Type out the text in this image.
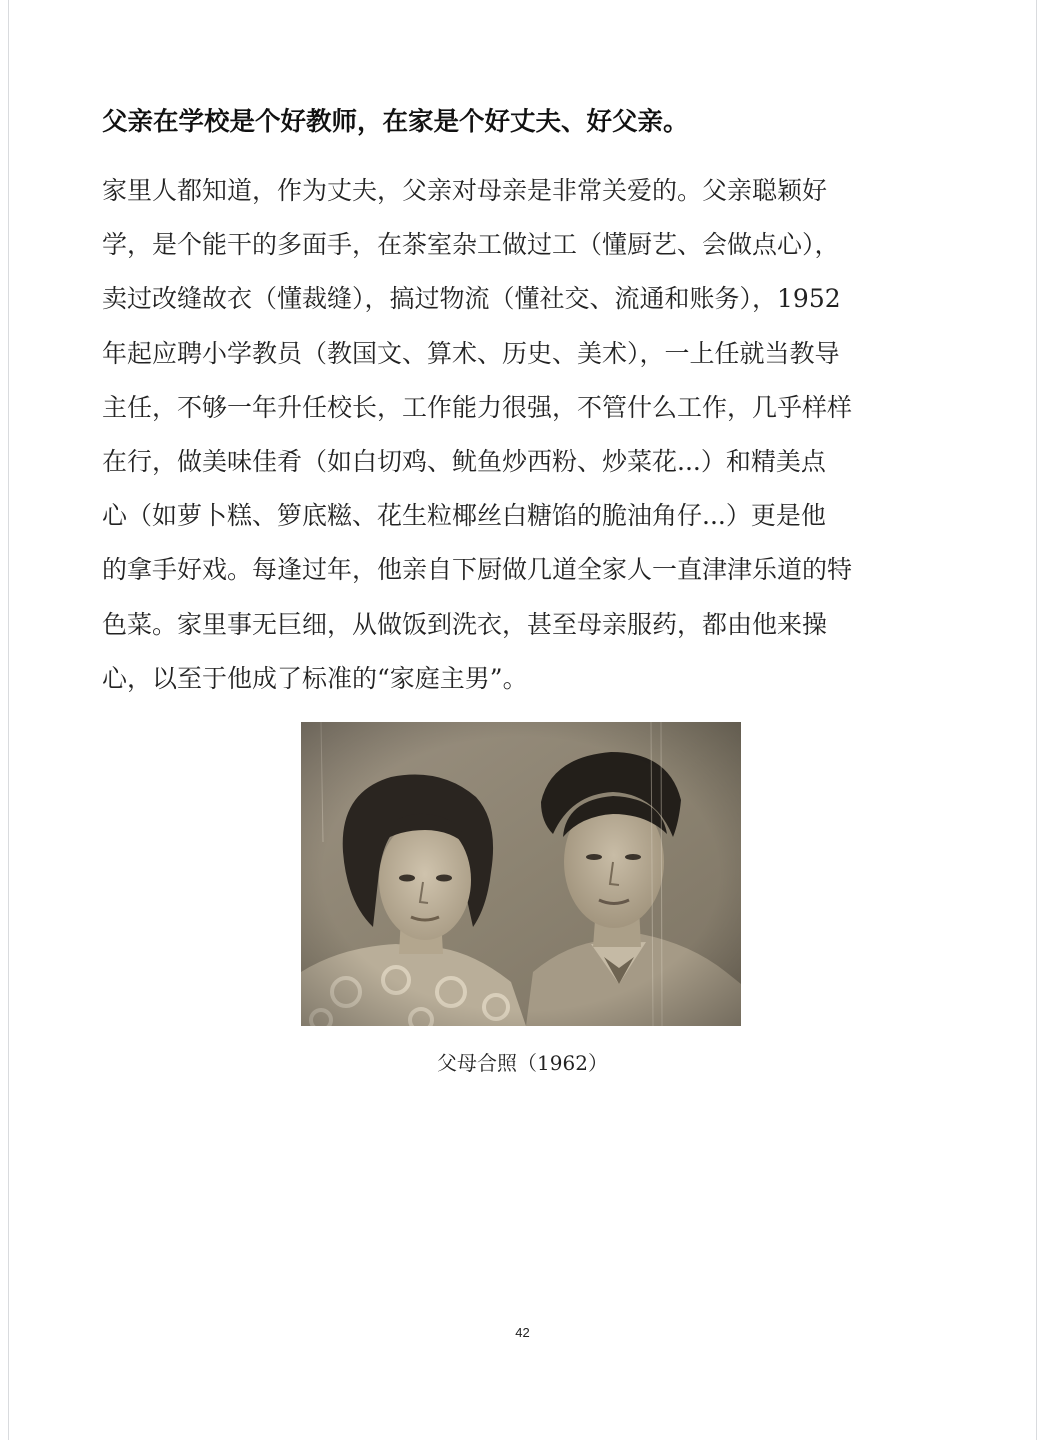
父亲在学校是个好教师，在家是个好丈夫、好父亲。
家里人都知道，作为丈夫，父亲对母亲是非常关爱的。父亲聪颖好
学，是个能干的多面手，在茶室杂工做过工（懂厨艺、会做点心），
卖过改缝故衣（懂裁缝），搞过物流（懂社交、流通和账务），1952
年起应聘小学教员（教国文、算术、历史、美术），一上任就当教导
主任，不够一年升任校长，工作能力很强，不管什么工作，几乎样样
在行，做美味佳肴（如白切鸡、鱿鱼炒西粉、炒菜花...）和精美点
心（如萝卜糕、箩底糍、花生粒椰丝白糖馅的脆油角仔...）更是他
的拿手好戏。每逢过年，他亲自下厨做几道全家人一直津津乐道的特
色菜。家里事无巨细，从做饭到洗衣，甚至母亲服药，都由他来操
心，以至于他成了标准的“家庭主男”。
父母合照（1962）
42
